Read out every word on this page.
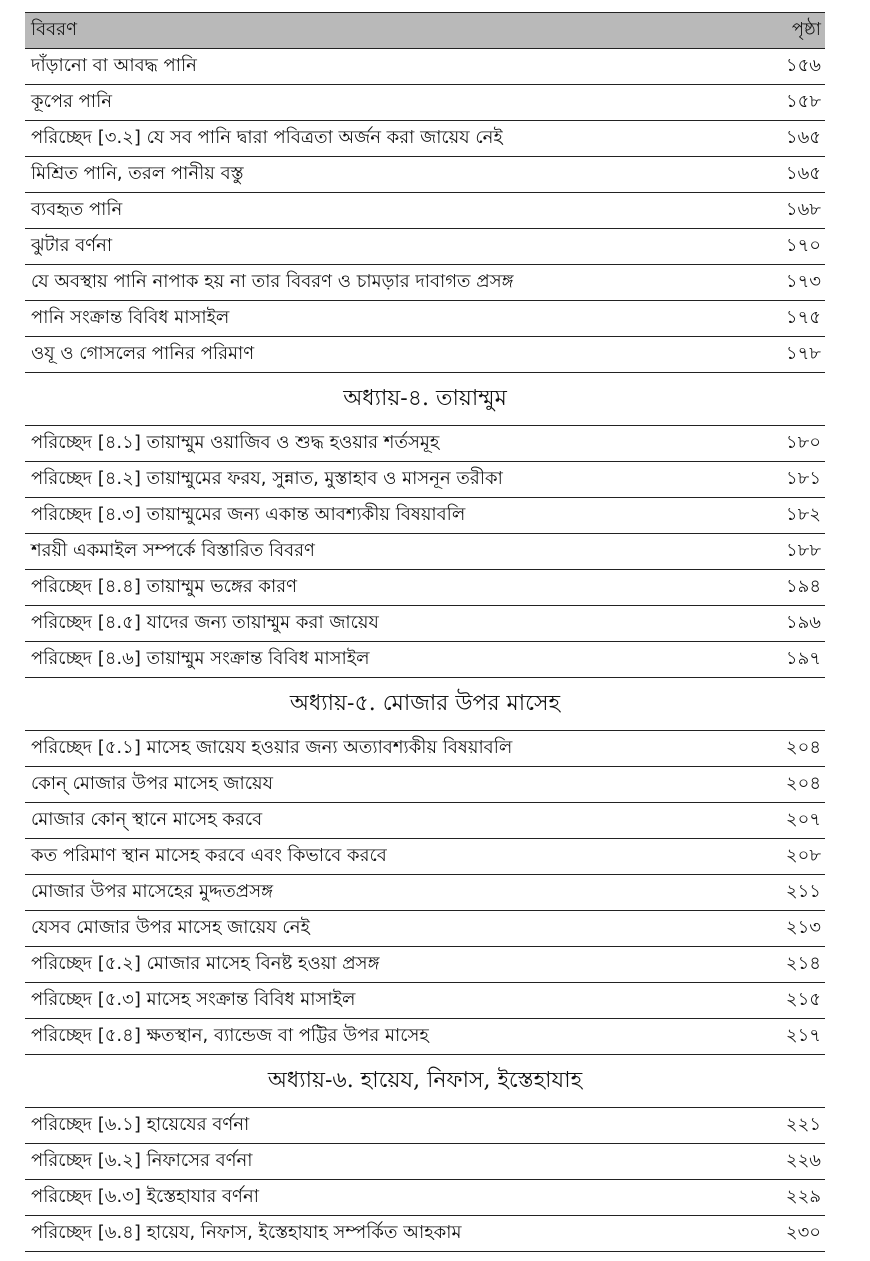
বিবরণ	পৃষ্ঠা
দাঁড়ানো বা আবদ্ধ পানি	১৫৬
কূপের পানি	১৫৮
পরিচ্ছেদ [৩.২] যে সব পানি দ্বারা পবিত্রতা অর্জন করা জায়েয নেই	১৬৫
মিশ্রিত পানি, তরল পানীয় বস্তু	১৬৫
ব্যবহৃত পানি	১৬৮
ঝুটার বর্ণনা	১৭০
যে অবস্থায় পানি নাপাক হয় না তার বিবরণ ও চামড়ার দাবাগত প্রসঙ্গ	১৭৩
পানি সংক্রান্ত বিবিধ মাসাইল	১৭৫
ওযূ ও গোসলের পানির পরিমাণ	১৭৮
অধ্যায়-৪. তায়াম্মুম
পরিচ্ছেদ [৪.১] তায়াম্মুম ওয়াজিব ও শুদ্ধ হওয়ার শর্তসমূহ	১৮০
পরিচ্ছেদ [৪.২] তায়াম্মুমের ফরয, সুন্নাত, মুস্তাহাব ও মাসনূন তরীকা	১৮১
পরিচ্ছেদ [৪.৩] তায়াম্মুমের জন্য একান্ত আবশ্যকীয় বিষয়াবলি	১৮২
শরয়ী একমাইল সম্পর্কে বিস্তারিত বিবরণ	১৮৮
পরিচ্ছেদ [৪.৪] তায়াম্মুম ভঙ্গের কারণ	১৯৪
পরিচ্ছেদ [৪.৫] যাদের জন্য তায়াম্মুম করা জায়েয	১৯৬
পরিচ্ছেদ [৪.৬] তায়াম্মুম সংক্রান্ত বিবিধ মাসাইল	১৯৭
অধ্যায়-৫. মোজার উপর মাসেহ
পরিচ্ছেদ [৫.১] মাসেহ জায়েয হওয়ার জন্য অত্যাবশ্যকীয় বিষয়াবলি	২০৪
কোন্ মোজার উপর মাসেহ জায়েয	২০৪
মোজার কোন্ স্থানে মাসেহ করবে	২০৭
কত পরিমাণ স্থান মাসেহ করবে এবং কিভাবে করবে	২০৮
মোজার উপর মাসেহের মুদ্দতপ্রসঙ্গ	২১১
যেসব মোজার উপর মাসেহ জায়েয নেই	২১৩
পরিচ্ছেদ [৫.২] মোজার মাসেহ বিনষ্ট হওয়া প্রসঙ্গ	২১৪
পরিচ্ছেদ [৫.৩] মাসেহ সংক্রান্ত বিবিধ মাসাইল	২১৫
পরিচ্ছেদ [৫.৪] ক্ষতস্থান, ব্যান্ডেজ বা পট্টির উপর মাসেহ	২১৭
অধ্যায়-৬. হায়েয, নিফাস, ইস্তেহাযাহ
পরিচ্ছেদ [৬.১] হায়েযের বর্ণনা	২২১
পরিচ্ছেদ [৬.২] নিফাসের বর্ণনা	২২৬
পরিচ্ছেদ [৬.৩] ইস্তেহাযার বর্ণনা	২২৯
পরিচ্ছেদ [৬.৪] হায়েয, নিফাস, ইস্তেহাযাহ সম্পর্কিত আহকাম	২৩০
